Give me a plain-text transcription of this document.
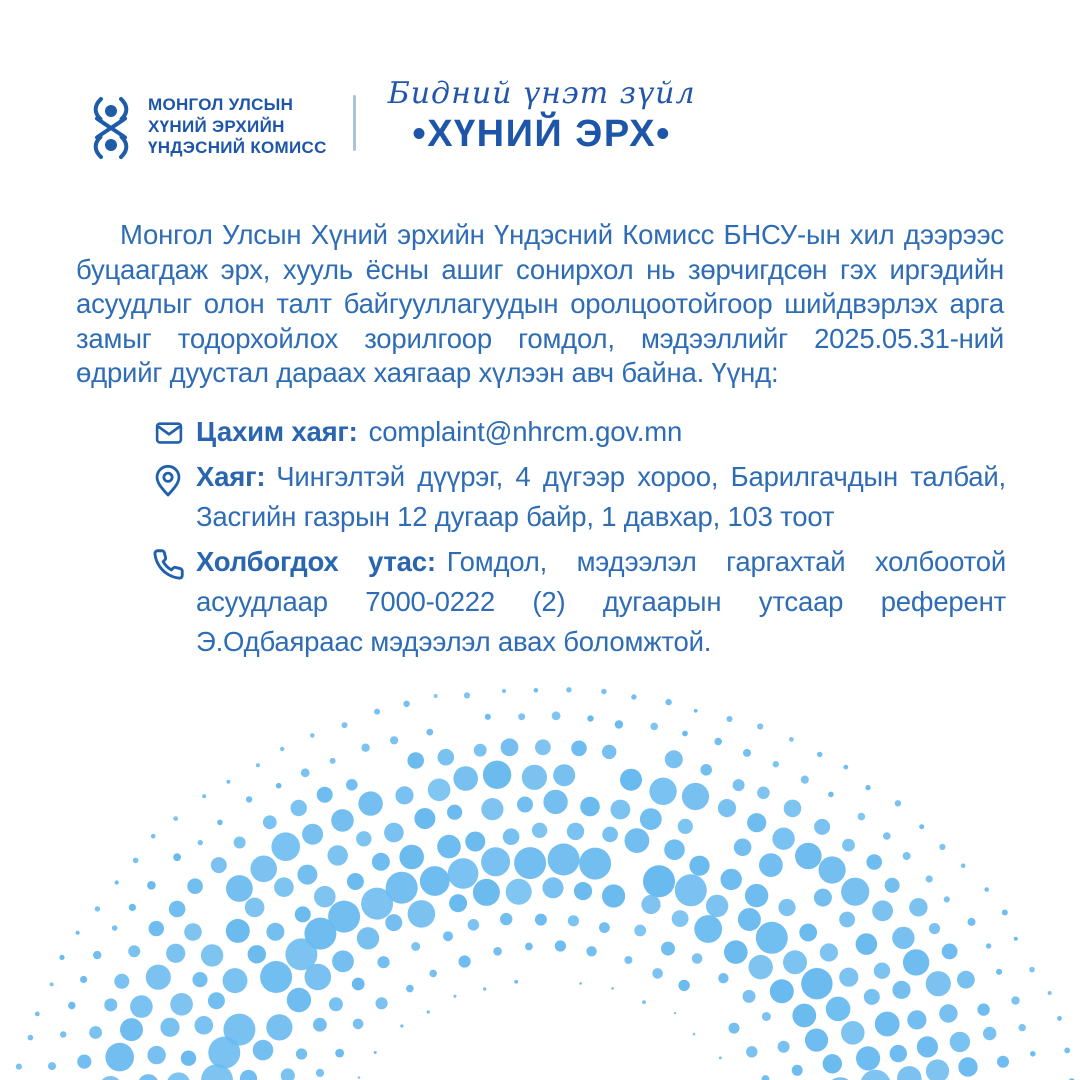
МОНГОЛ УЛСЫН
ХҮНИЙ ЭРХИЙН
ҮНДЭСНИЙ КОМИСС
Бидний үнэт зүйл
•ХҮНИЙ ЭРХ•
Монгол Улсын Хүний эрхийн Үндэсний Комисс БНСУ-ын хил дээрээс буцаагдаж эрх, хууль ёсны ашиг сонирхол нь зөрчигдсөн гэх иргэдийн асуудлыг олон талт байгууллагуудын оролцоотойгоор шийдвэрлэх арга замыг тодорхойлох зорилгоор гомдол, мэдээллийг 2025.05.31-ний өдрийг дуустал дараах хаягаар хүлээн авч байна. Үүнд:
Цахим хаяг: complaint@nhrcm.gov.mn
Хаяг: Чингэлтэй дүүрэг, 4 дүгээр хороо, Барилгачдын талбай, Засгийн газрын 12 дугаар байр, 1 давхар, 103 тоот
Холбогдох утас: Гомдол, мэдээлэл гаргахтай холбоотой асуудлаар 7000-0222 (2) дугаарын утсаар референт Э.Одбаяраас мэдээлэл авах боломжтой.
